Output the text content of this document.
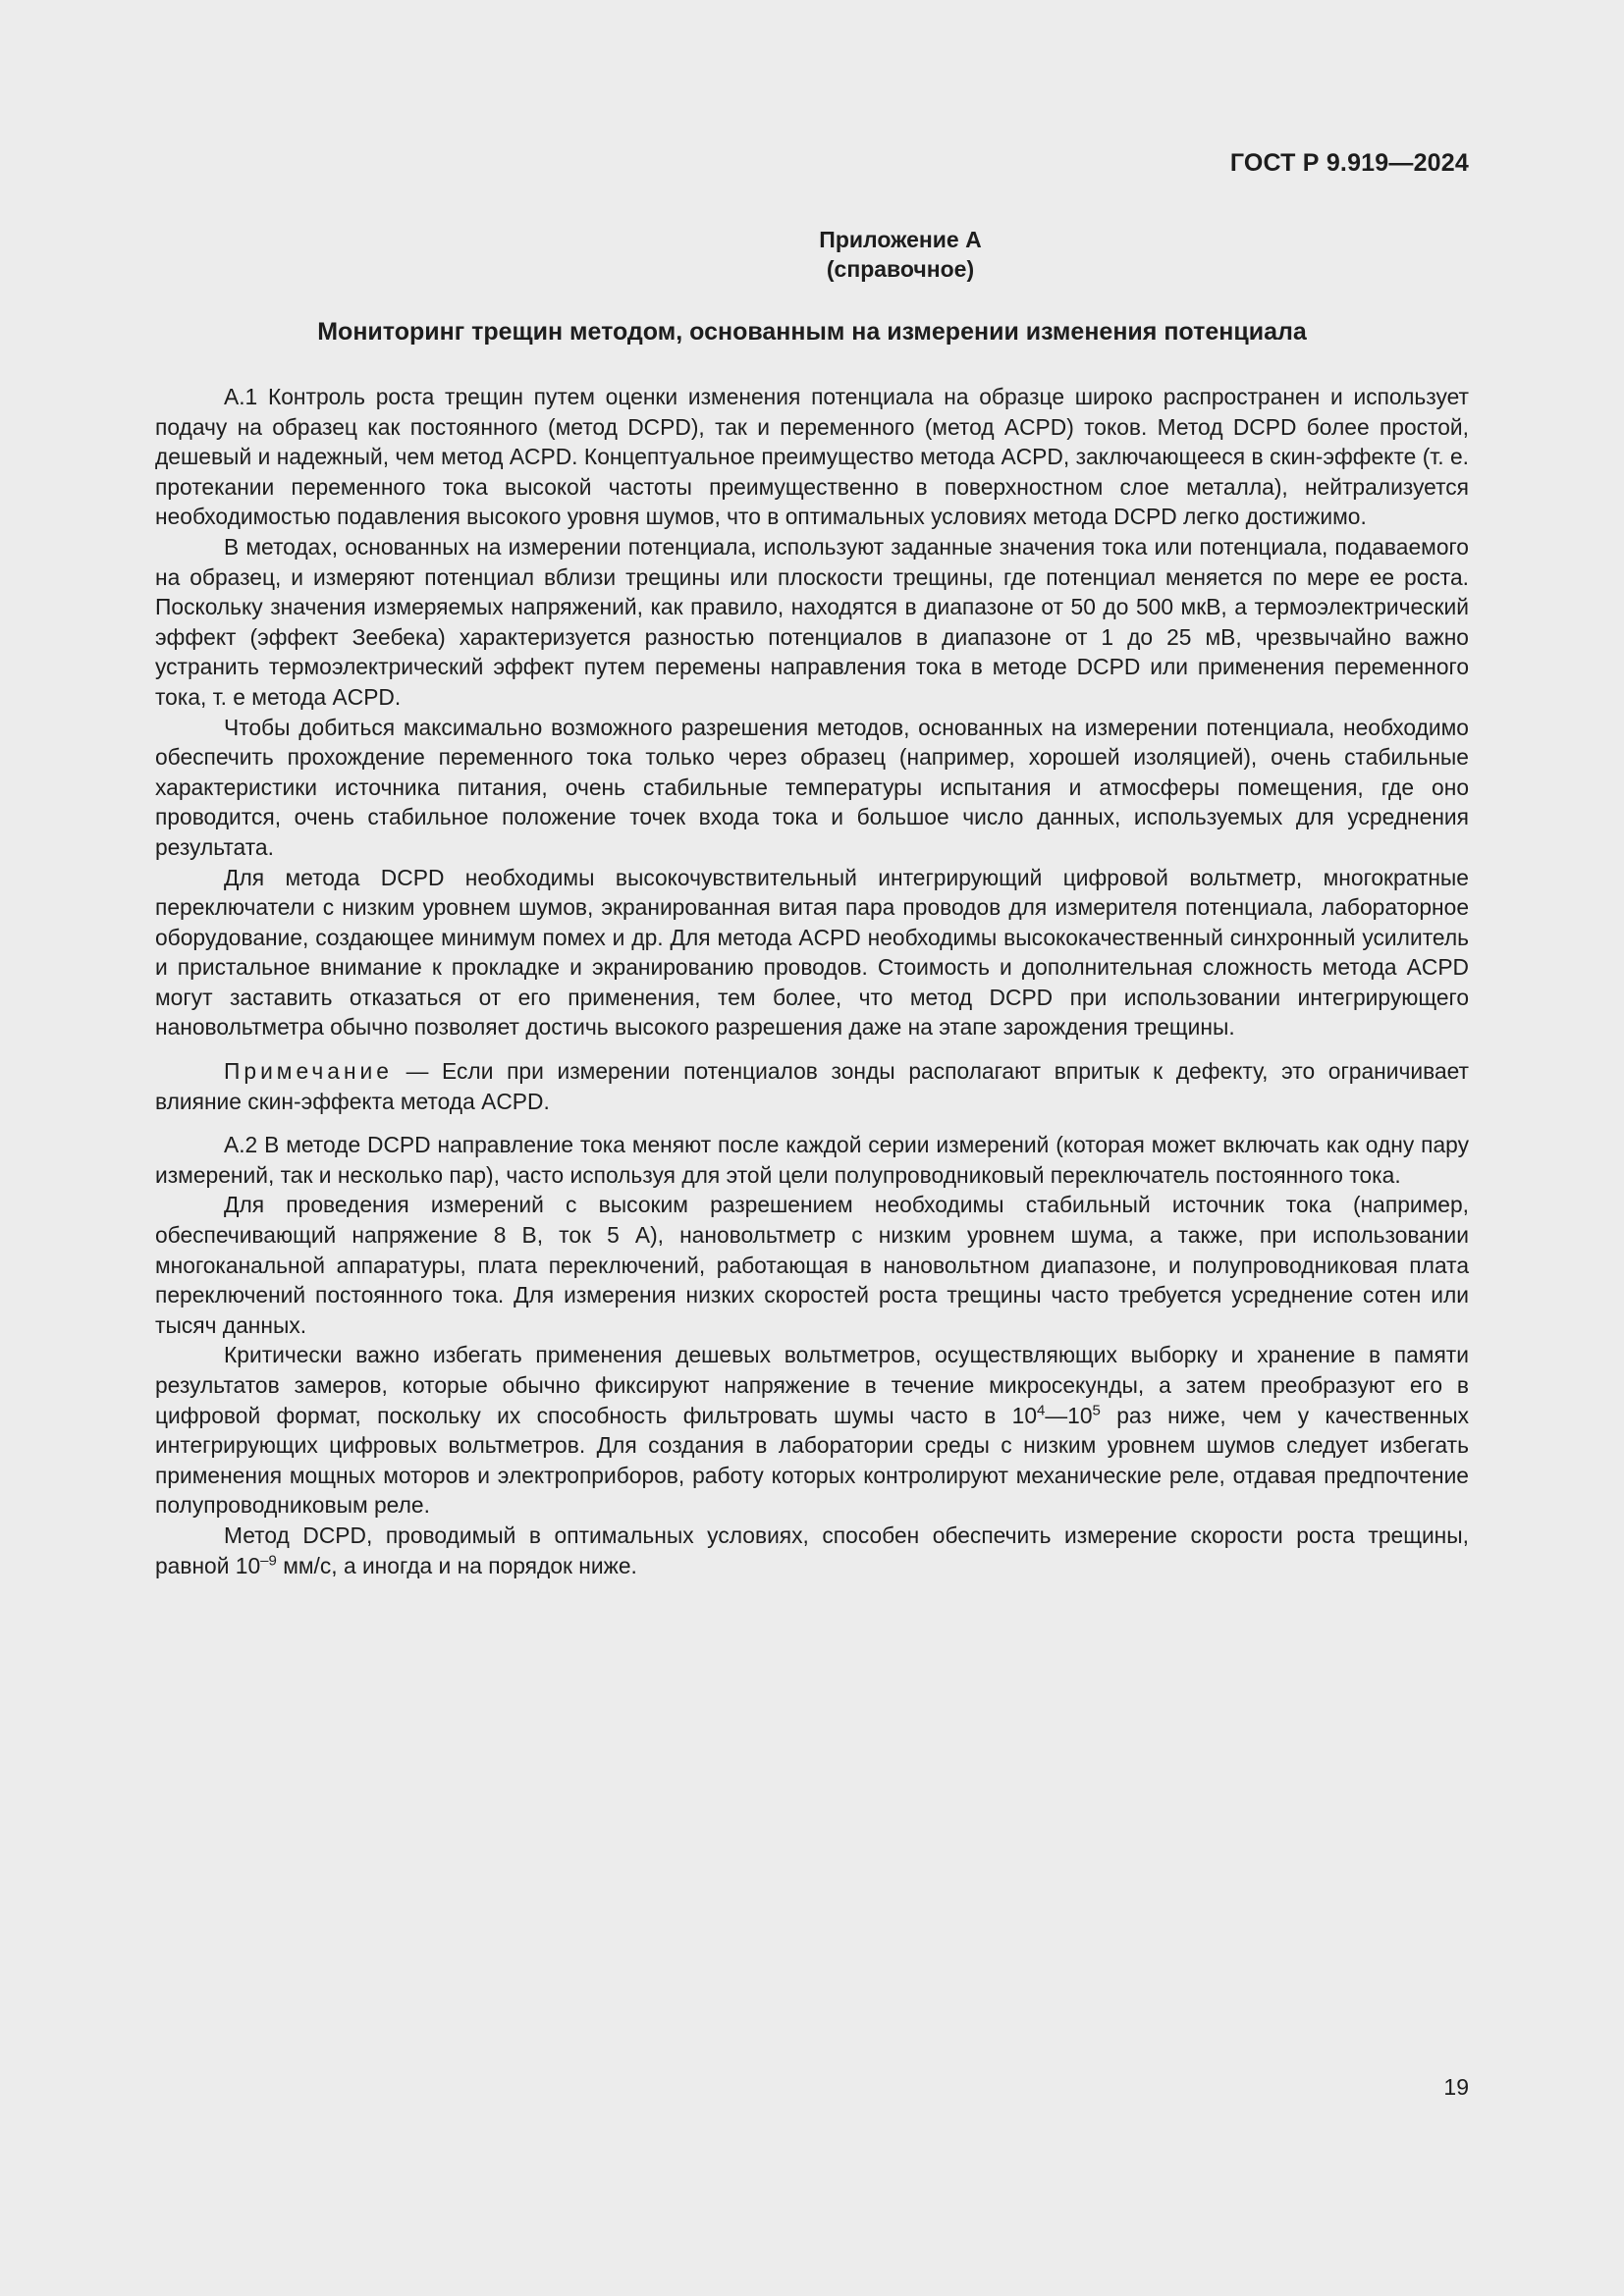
ГОСТ Р 9.919—2024
Приложение А
(справочное)
Мониторинг трещин методом, основанным на измерении изменения потенциала

А.1 Контроль роста трещин путем оценки изменения потенциала на образце широко распространен и использует подачу на образец как постоянного (метод DCPD), так и переменного (метод ACPD) токов. Метод DCPD более простой, дешевый и надежный, чем метод ACPD. Концептуальное преимущество метода ACPD, заключающееся в скин-эффекте (т. е. протекании переменного тока высокой частоты преимущественно в поверхностном слое металла), нейтрализуется необходимостью подавления высокого уровня шумов, что в оптимальных условиях метода DCPD легко достижимо.

В методах, основанных на измерении потенциала, используют заданные значения тока или потенциала, подаваемого на образец, и измеряют потенциал вблизи трещины или плоскости трещины, где потенциал меняется по мере ее роста. Поскольку значения измеряемых напряжений, как правило, находятся в диапазоне от 50 до 500 мкВ, а термоэлектрический эффект (эффект Зеебека) характеризуется разностью потенциалов в диапазоне от 1 до 25 мВ, чрезвычайно важно устранить термоэлектрический эффект путем перемены направления тока в методе DCPD или применения переменного тока, т. е метода ACPD.

Чтобы добиться максимально возможного разрешения методов, основанных на измерении потенциала, необходимо обеспечить прохождение переменного тока только через образец (например, хорошей изоляцией), очень стабильные характеристики источника питания, очень стабильные температуры испытания и атмосферы помещения, где оно проводится, очень стабильное положение точек входа тока и большое число данных, используемых для усреднения результата.

Для метода DCPD необходимы высокочувствительный интегрирующий цифровой вольтметр, многократные переключатели с низким уровнем шумов, экранированная витая пара проводов для измерителя потенциала, лабораторное оборудование, создающее минимум помех и др. Для метода ACPD необходимы высококачественный синхронный усилитель и пристальное внимание к прокладке и экранированию проводов. Стоимость и дополнительная сложность метода ACPD могут заставить отказаться от его применения, тем более, что метод DCPD при использовании интегрирующего нановольтметра обычно позволяет достичь высокого разрешения даже на этапе зарождения трещины.

Примечание — Если при измерении потенциалов зонды располагают впритык к дефекту, это ограничивает влияние скин-эффекта метода ACPD.

А.2 В методе DCPD направление тока меняют после каждой серии измерений (которая может включать как одну пару измерений, так и несколько пар), часто используя для этой цели полупроводниковый переключатель постоянного тока.

Для проведения измерений с высоким разрешением необходимы стабильный источник тока (например, обеспечивающий напряжение 8 В, ток 5 А), нановольтметр с низким уровнем шума, а также, при использовании многоканальной аппаратуры, плата переключений, работающая в нановольтном диапазоне, и полупроводниковая плата переключений постоянного тока. Для измерения низких скоростей роста трещины часто требуется усреднение сотен или тысяч данных.

Критически важно избегать применения дешевых вольтметров, осуществляющих выборку и хранение в памяти результатов замеров, которые обычно фиксируют напряжение в течение микросекунды, а затем преобразуют его в цифровой формат, поскольку их способность фильтровать шумы часто в $10^4—10^5$ раз ниже, чем у качественных интегрирующих цифровых вольтметров. Для создания в лаборатории среды с низким уровнем шумов следует избегать применения мощных моторов и электроприборов, работу которых контролируют механические реле, отдавая предпочтение полупроводниковым реле.

Метод DCPD, проводимый в оптимальных условиях, способен обеспечить измерение скорости роста трещины, равной $10^{-9}$ мм/с, а иногда и на порядок ниже.

19
